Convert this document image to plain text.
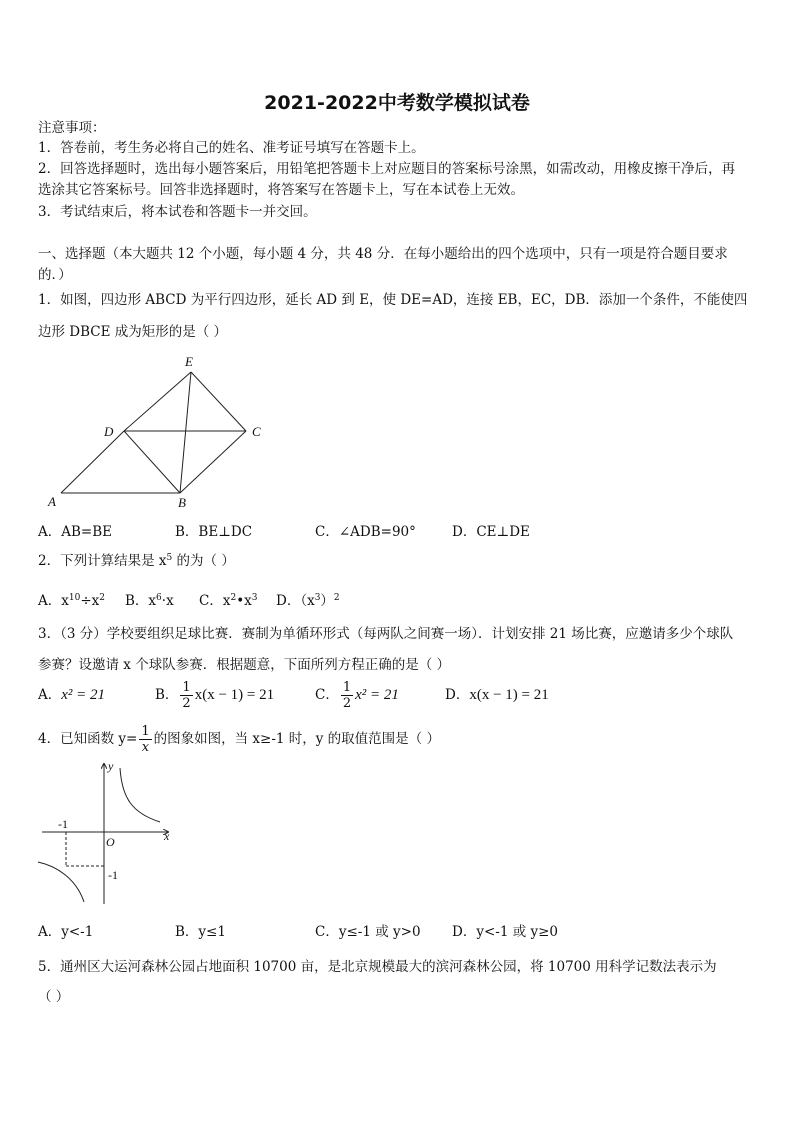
2021-2022中考数学模拟试卷
注意事项：
1．答卷前，考生务必将自己的姓名、准考证号填写在答题卡上。
2．回答选择题时，选出每小题答案后，用铅笔把答题卡上对应题目的答案标号涂黑，如需改动，用橡皮擦干净后，再
选涂其它答案标号。回答非选择题时，将答案写在答题卡上，写在本试卷上无效。
3．考试结束后，将本试卷和答题卡一并交回。
一、选择题（本大题共 12 个小题，每小题 4 分，共 48 分．在每小题给出的四个选项中，只有一项是符合题目要求
的．）
1．如图，四边形 ABCD 为平行四边形，延长 AD 到 E，使 DE=AD，连接 EB，EC，DB．添加一个条件，不能使四
边形 DBCE 成为矩形的是（ ）
E
D	C
A	B
A．AB=BE	B．BE⊥DC	C．∠ADB=90°	D．CE⊥DE
2．下列计算结果是 $x^5$ 的为（ ）
A．$x^{10}\div x^2$ B．$x^6\cdot x$ C．$x^2•x^3$ D．$(x^3)^2$
3．（3 分）学校要组织足球比赛．赛制为单循环形式（每两队之间赛一场）．计划安排 21 场比赛，应邀请多少个球队
参赛？设邀请 x 个球队参赛．根据题意，下面所列方程正确的是（ ）
A．x² = 21	B． $\frac{1}{2} x(x - 1) = 21$	C． $\frac{1}{2} x^2 = 21$	D．x(x − 1) = 21
4．已知函数 $y= \frac{1}{x}$ 的图象如图，当 x≥-1 时，y 的取值范围是（ ）
y
x
O
-1
-1
A．y<-1	B．y≤1	C．y≤-1 或 y>0 D．y<-1 或 y≥0
5．通州区大运河森林公园占地面积 10700 亩，是北京规模最大的滨河森林公园，将 10700 用科学记数法表示为
（ ）
